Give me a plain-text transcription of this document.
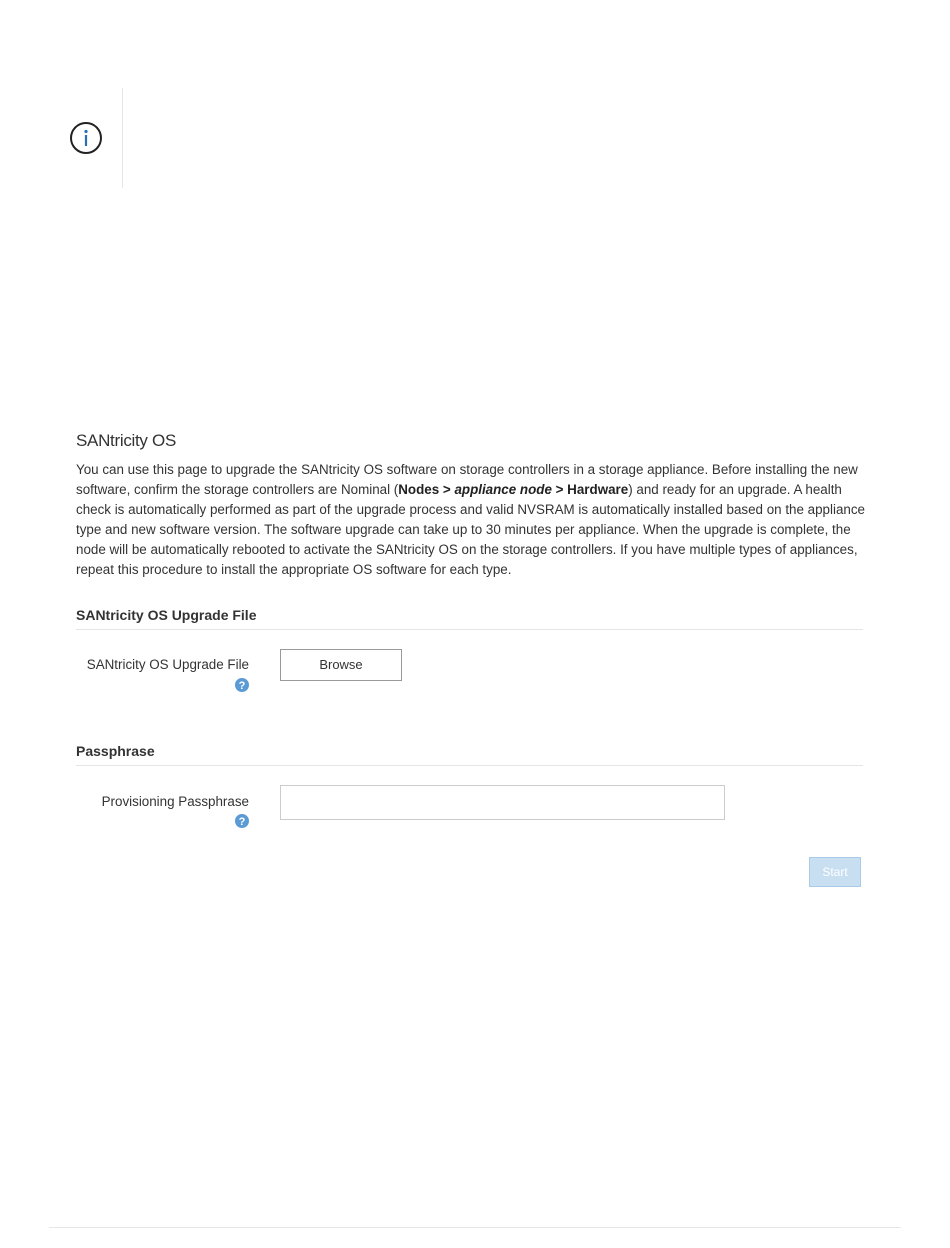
SANtricity OS
You can use this page to upgrade the SANtricity OS software on storage controllers in a storage appliance. Before installing the new software, confirm the storage controllers are Nominal (Nodes > appliance node > Hardware) and ready for an upgrade. A health check is automatically performed as part of the upgrade process and valid NVSRAM is automatically installed based on the appliance type and new software version. The software upgrade can take up to 30 minutes per appliance. When the upgrade is complete, the node will be automatically rebooted to activate the SANtricity OS on the storage controllers. If you have multiple types of appliances, repeat this procedure to install the appropriate OS software for each type.
SANtricity OS Upgrade File
SANtricity OS Upgrade File
?
Browse
Passphrase
Provisioning Passphrase
?
Start
